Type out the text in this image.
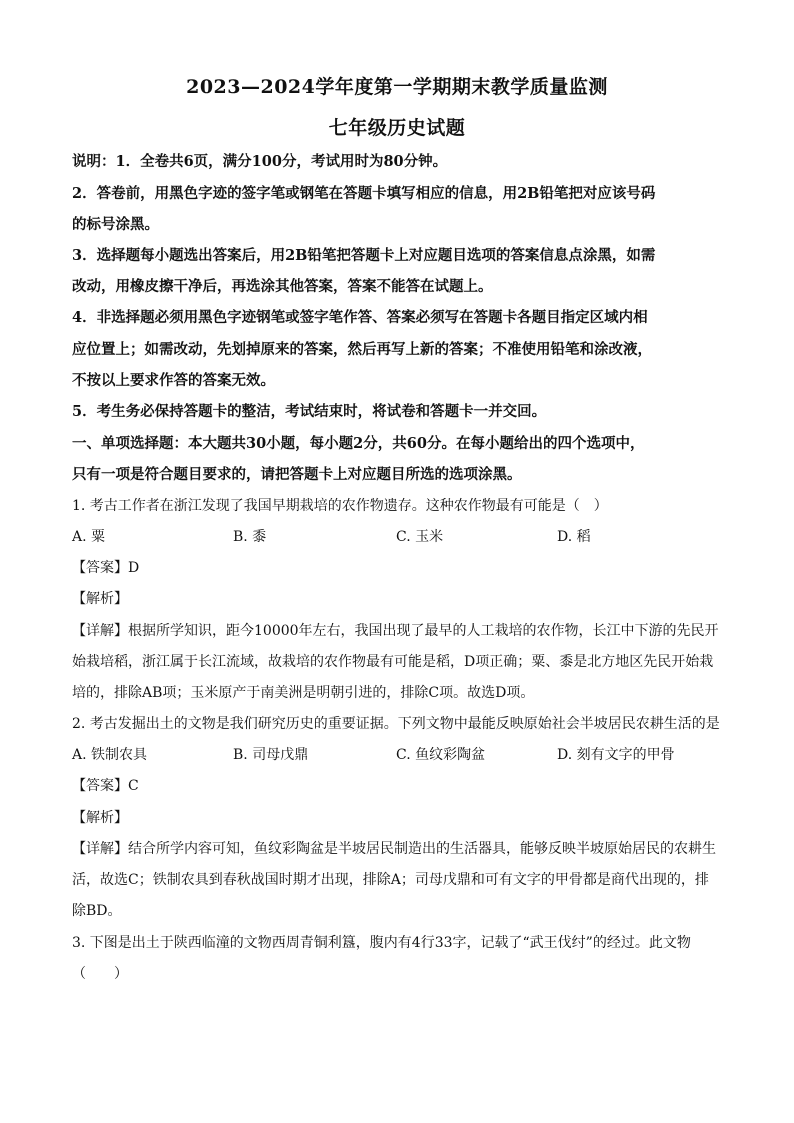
2023—2024学年度第一学期期末教学质量监测
七年级历史试题
说明：1．全卷共6页，满分100分，考试用时为80分钟。
2．答卷前，用黑色字迹的签字笔或钢笔在答题卡填写相应的信息，用2B铅笔把对应该号码
的标号涂黑。
3．选择题每小题选出答案后，用2B铅笔把答题卡上对应题目选项的答案信息点涂黑，如需
改动，用橡皮擦干净后，再选涂其他答案，答案不能答在试题上。
4．非选择题必须用黑色字迹钢笔或签字笔作答、答案必须写在答题卡各题目指定区域内相
应位置上；如需改动，先划掉原来的答案，然后再写上新的答案；不准使用铅笔和涂改液，
不按以上要求作答的答案无效。
5．考生务必保持答题卡的整洁，考试结束时，将试卷和答题卡一并交回。
一、单项选择题：本大题共30小题，每小题2分，共60分。在每小题给出的四个选项中，
只有一项是符合题目要求的，请把答题卡上对应题目所选的选项涂黑。
1. 考古工作者在浙江发现了我国早期栽培的农作物遗存。这种农作物最有可能是（　）
A. 粟	B. 黍	C. 玉米	D. 稻
【答案】D
【解析】
【详解】根据所学知识，距今10000年左右，我国出现了最早的人工栽培的农作物，长江中下游的先民开
始栽培稻，浙江属于长江流域，故栽培的农作物最有可能是稻，D项正确；粟、黍是北方地区先民开始栽
培的，排除AB项；玉米原产于南美洲是明朝引进的，排除C项。故选D项。
2. 考古发掘出土的文物是我们研究历史的重要证据。下列文物中最能反映原始社会半坡居民农耕生活的是
A. 铁制农具	B. 司母戊鼎	C. 鱼纹彩陶盆	D. 刻有文字的甲骨
【答案】C
【解析】
【详解】结合所学内容可知，鱼纹彩陶盆是半坡居民制造出的生活器具，能够反映半坡原始居民的农耕生
活，故选C；铁制农具到春秋战国时期才出现，排除A；司母戊鼎和可有文字的甲骨都是商代出现的，排
除BD。
3. 下图是出土于陕西临潼的文物西周青铜利簋，腹内有4行33字，记载了“武王伐纣”的经过。此文物
（　　）
